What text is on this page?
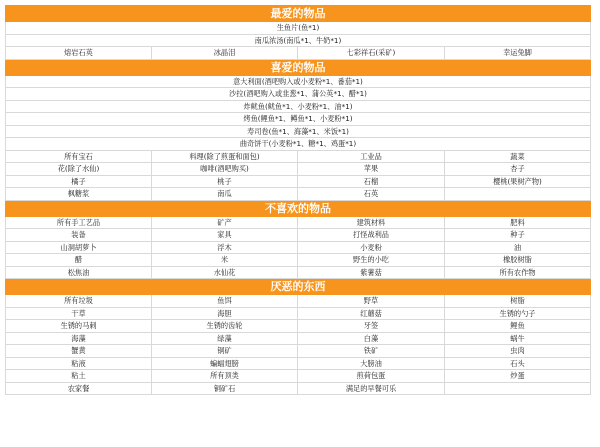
最爱的物品			
生鱼片(鱼*1)			
南瓜浓汤(南瓜*1、牛奶*1)			
熔岩石英	冰晶泪	七彩祥石(采矿)	幸运兔脚
喜爱的物品			
意大利面(酒吧购入或小麦粉*1、番茄*1)			
沙拉(酒吧购入或韭葱*1、蒲公英*1、醋*1)			
炸鱿鱼(鱿鱼*1、小麦粉*1、油*1)			
烤鱼(鲤鱼*1、鳟鱼*1、小麦粉*1)			
寿司卷(鱼*1、海藻*1、米饭*1)			
曲奇饼干(小麦粉*1、糖*1、鸡蛋*1)			
所有宝石	料理(除了煎蛋和面包)	工业品	蔬菜
花(除了水仙)	咖啡(酒吧购买)	苹果	杏子
橘子	桃子	石榴	樱桃(果树产物)
枫糖浆	南瓜	石英	
不喜欢的物品			
所有手工艺品	矿产	建筑材料	肥料
装备	家具	打怪战利品	种子
山洞胡萝卜	浮木	小麦粉	油
醋	米	野生的小吃	橡胶树脂
松焦油	水仙花	紫薯菇	所有农作物
厌恶的东西			
所有垃圾	鱼饵	野草	树脂
干草	海胆	红蘑菇	生锈的勺子
生锈的马刺	生锈的齿轮	牙签	鲤鱼
海藻	绿藻	白藻	蜗牛
蟹黄	铜矿	铁矿	虫肉
粘液	蝙蝠翅膀	大膀油	石头
粘土	所有顶类	煎荷包蛋	炒蛋
农家餐	铜矿石	满足的早餐可乐	
